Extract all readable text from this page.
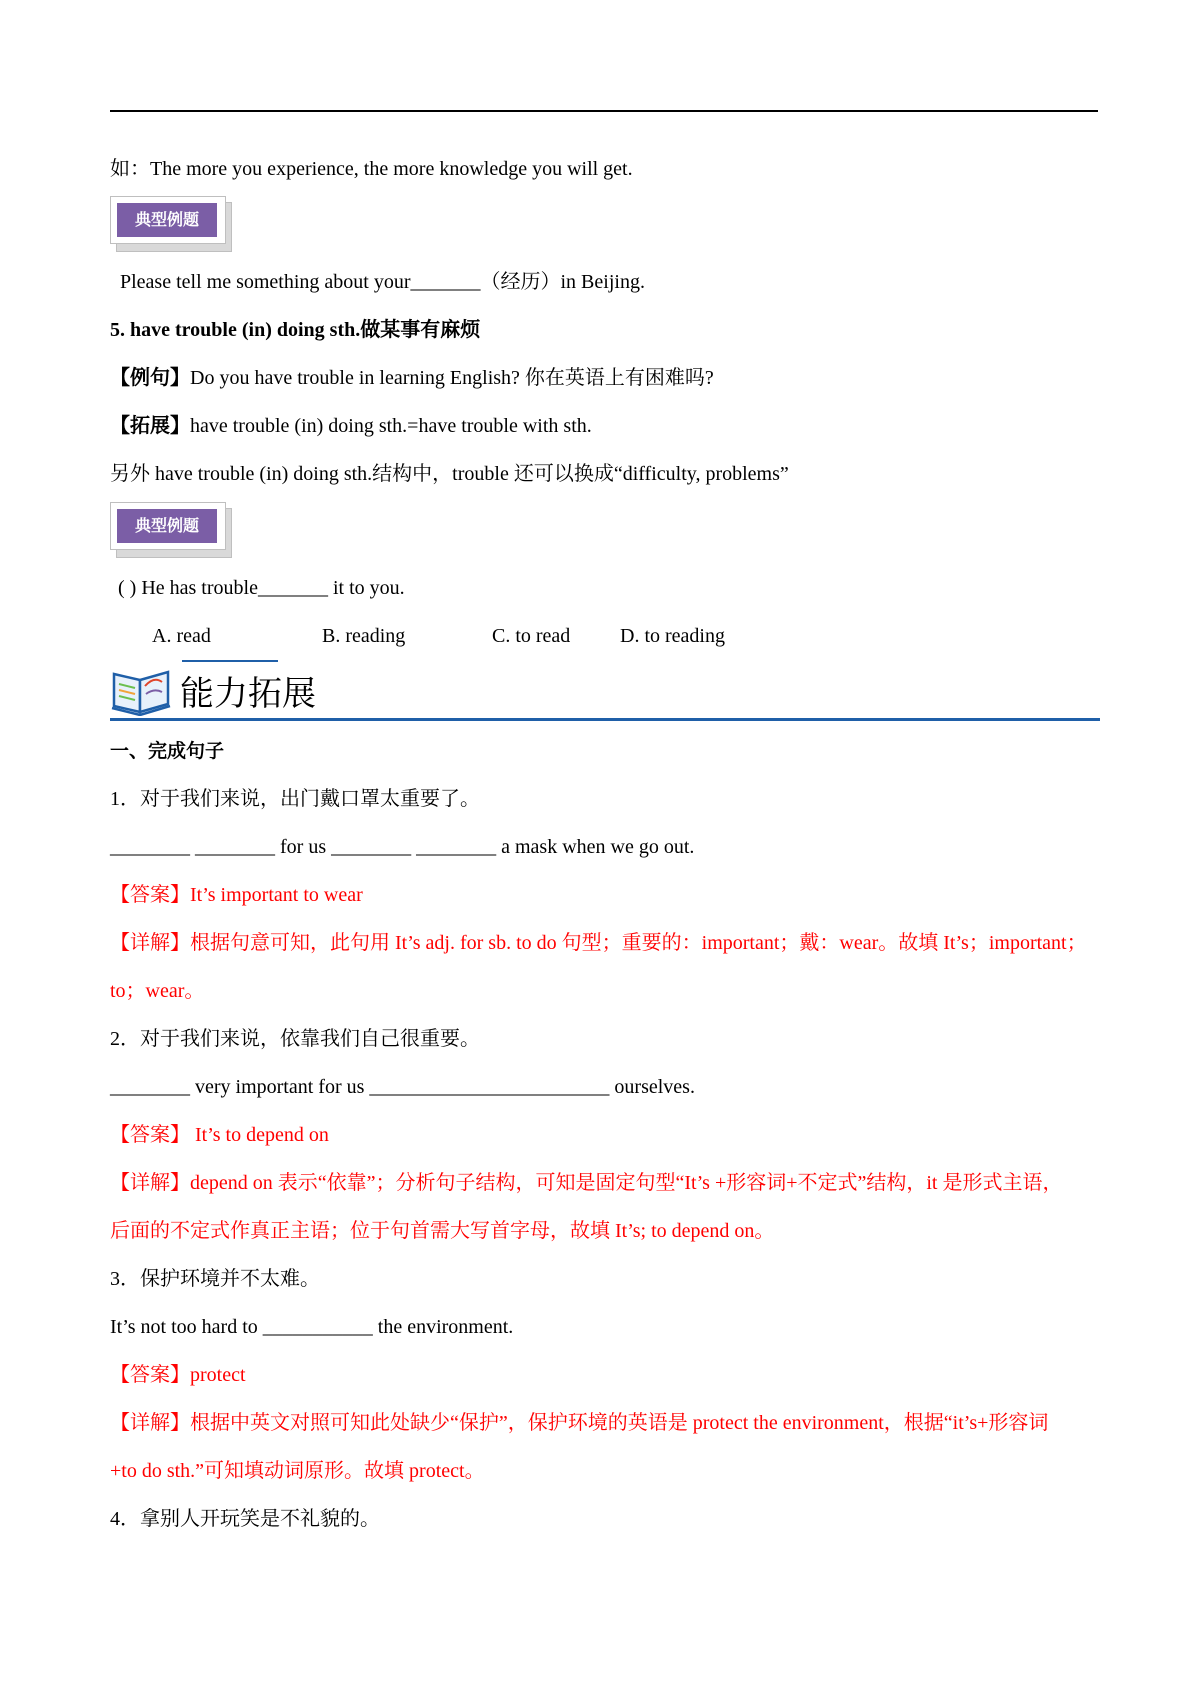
如：The more you experience, the more knowledge you will get.
典型例题
Please tell me something about your_______（经历）in Beijing.
5. have trouble (in) doing sth.做某事有麻烦
【例句】Do you have trouble in learning English? 你在英语上有困难吗?
【拓展】have trouble (in) doing sth.=have trouble with sth.
另外 have trouble (in) doing sth.结构中，trouble 还可以换成“difficulty, problems”
典型例题
( ) He has trouble_______ it to you.
A. read	B. reading	C. to read D. to reading
能力拓展
一、完成句子
1．对于我们来说，出门戴口罩太重要了。
________ ________ for us ________ ________ a mask when we go out.
【答案】It’s important to wear
【详解】根据句意可知，此句用 It’s adj. for sb. to do 句型；重要的：important；戴：wear。故填 It’s；important；
to；wear。
2．对于我们来说，依靠我们自己很重要。
________ very important for us ________________________ ourselves.
【答案】 It’s to depend on
【详解】depend on 表示“依靠”；分析句子结构，可知是固定句型“It’s +形容词+不定式”结构，it 是形式主语，
后面的不定式作真正主语；位于句首需大写首字母，故填 It’s; to depend on。
3．保护环境并不太难。
It’s not too hard to ___________ the environment.
【答案】protect
【详解】根据中英文对照可知此处缺少“保护”，保护环境的英语是 protect the environment，根据“it’s+形容词
+to do sth.”可知填动词原形。故填 protect。
4．拿别人开玩笑是不礼貌的。
